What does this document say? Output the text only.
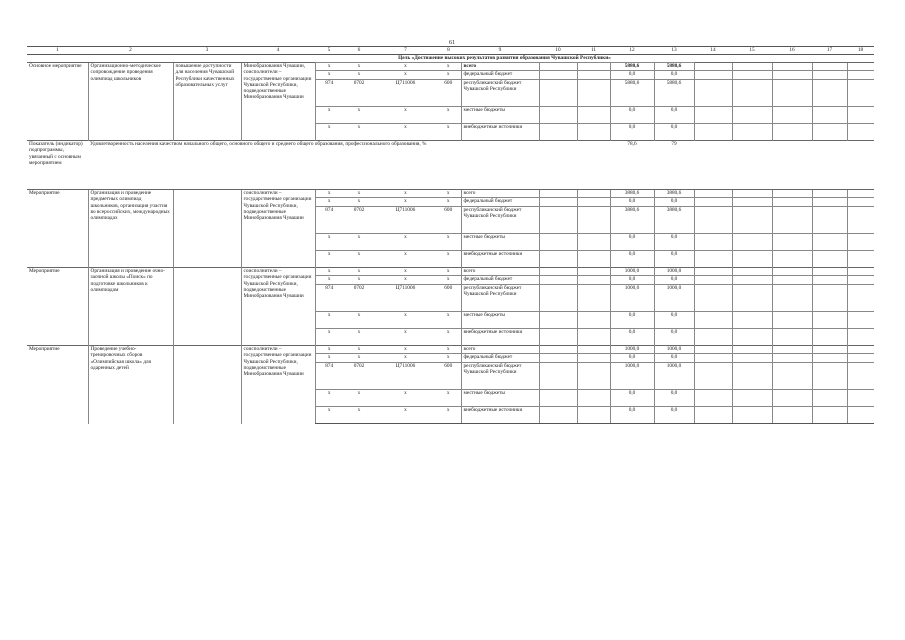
61
1	2	3	4	5	6	7	8	9	10	11	12	13	14	15	16	17	18
				Цель «Достижение высоких результатов развития образования Чувашской Республики»													
Основное мероприятие	Организационно-методическое сопровождение проведения олимпиад школьников	повышение доступности для населения Чувашской Республики качественных образовательных услуг	Минобразования Чувашии, соисполнители – государственные организации Чувашской Республики, подведомственные Минобразования Чувашии	x	x	x	x	всего			5880,6	5880,6					
				x	x	x	x	федеральный бюджет			0,0	0,0					
				874	0702	Ц711006	600	республиканский бюджет Чувашской Республики			5880,6	5880,6					
				x	x	x	x	местные бюджеты			0,0	0,0					
				x	x	x	x	внебюджетные источники			0,0	0,0					
Показатель (индикатор) подпрограммы, увязанный с основным мероприятием	Удовлетворенность населения качеством начального общего, основного общего и среднего общего образования, профессионального образования, %										78,6	79					
Мероприятие	Организация и проведение предметных олимпиад школьников, организация участия во всероссийских, международных олимпиадах		соисполнители – государственные организации Чувашской Республики, подведомственные Минобразования Чувашии	x	x	x	x	всего			3880,6	3880,6					
				x	x	x	x	федеральный бюджет			0,0	0,0					
				874	0702	Ц711006	600	республиканский бюджет Чувашской Республики			3880,6	3880,6					
				x	x	x	x	местные бюджеты			0,0	0,0					
				x	x	x	x	внебюджетные источники			0,0	0,0					
Мероприятие	Организация и проведение очно-заочной школы «Поиск» по подготовке школьников к олимпиадам		соисполнители – государственные организации Чувашской Республики, подведомственные Минобразования Чувашии	x	x	x	x	всего			1000,0	1000,0					
				x	x	x	x	федеральный бюджет			0,0	0,0					
				874	0702	Ц711006	600	республиканский бюджет Чувашской Республики			1000,0	1000,0					
				x	x	x	x	местные бюджеты			0,0	0,0					
				x	x	x	x	внебюджетные источники			0,0	0,0					
Мероприятие	Проведение учебно-тренировочных сборов «Олимпийская школа» для одаренных детей		соисполнители – государственные организации Чувашской Республики, подведомственные Минобразования Чувашии	x	x	x	x	всего			1000,0	1000,0					
				x	x	x	x	федеральный бюджет			0,0	0,0					
				874	0702	Ц711006	600	республиканский бюджет Чувашской Республики			1000,0	1000,0					
				x	x	x	x	местные бюджеты			0,0	0,0					
				x	x	x	x	внебюджетные источники			0,0	0,0					
